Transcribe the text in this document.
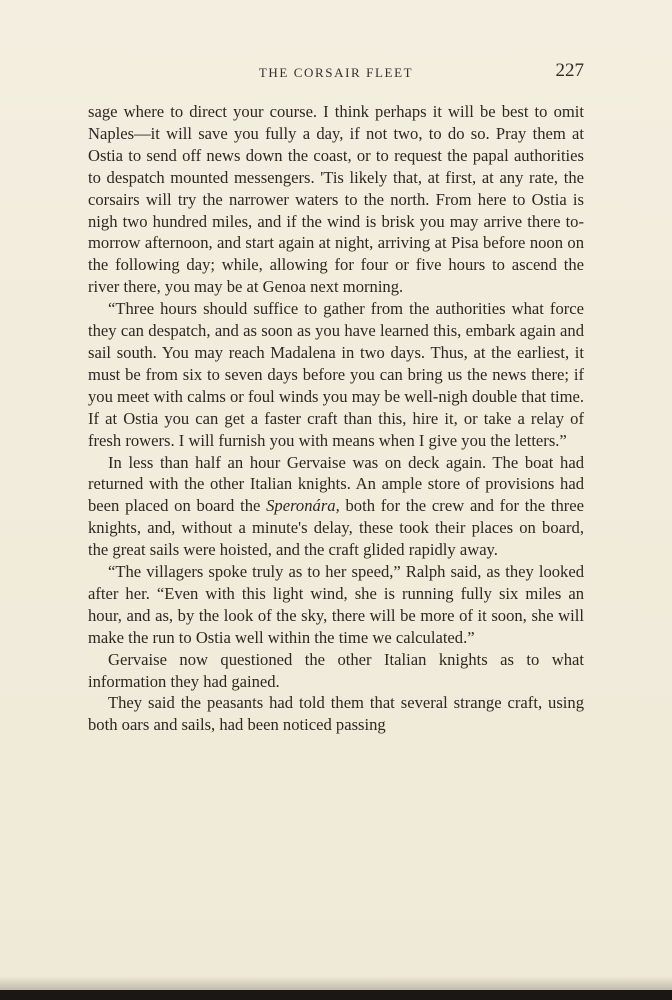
THE CORSAIR FLEET	227

sage where to direct your course. I think perhaps it will be best to omit Naples—it will save you fully a day, if not two, to do so. Pray them at Ostia to send off news down the coast, or to request the papal authorities to despatch mounted messengers. 'Tis likely that, at first, at any rate, the corsairs will try the narrower waters to the north. From here to Ostia is nigh two hundred miles, and if the wind is brisk you may arrive there to-morrow afternoon, and start again at night, arriving at Pisa before noon on the following day; while, allowing for four or five hours to ascend the river there, you may be at Genoa next morning.

“Three hours should suffice to gather from the authorities what force they can despatch, and as soon as you have learned this, embark again and sail south. You may reach Madalena in two days. Thus, at the earliest, it must be from six to seven days before you can bring us the news there; if you meet with calms or foul winds you may be well-nigh double that time. If at Ostia you can get a faster craft than this, hire it, or take a relay of fresh rowers. I will furnish you with means when I give you the letters.”

In less than half an hour Gervaise was on deck again. The boat had returned with the other Italian knights. An ample store of provisions had been placed on board the Speronára, both for the crew and for the three knights, and, without a minute's delay, these took their places on board, the great sails were hoisted, and the craft glided rapidly away.

“The villagers spoke truly as to her speed,” Ralph said, as they looked after her. “Even with this light wind, she is running fully six miles an hour, and as, by the look of the sky, there will be more of it soon, she will make the run to Ostia well within the time we calculated.”

Gervaise now questioned the other Italian knights as to what information they had gained.

They said the peasants had told them that several strange craft, using both oars and sails, had been noticed passing
